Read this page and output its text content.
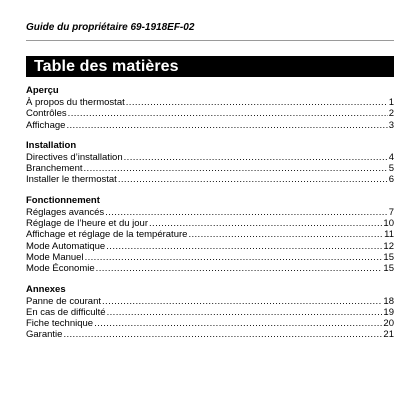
Guide du propriétaire 69-1918EF-02
Table des matières
Aperçu
À propos du thermostat .....	1
Contrôles .....	2
Affichage .....	3
Installation
Directives d’installation .....	4
Branchement .....	5
Installer le thermostat .....	6
Fonctionnement
Réglages avancés .....	7
Réglage de l’heure et du jour .....	10
Affichage et réglage de la température .....	11
Mode Automatique .....	12
Mode Manuel .....	15
Mode Économie .....	15
Annexes
Panne de courant .....	18
En cas de difficulté .....	19
Fiche technique .....	20
Garantie .....	21
